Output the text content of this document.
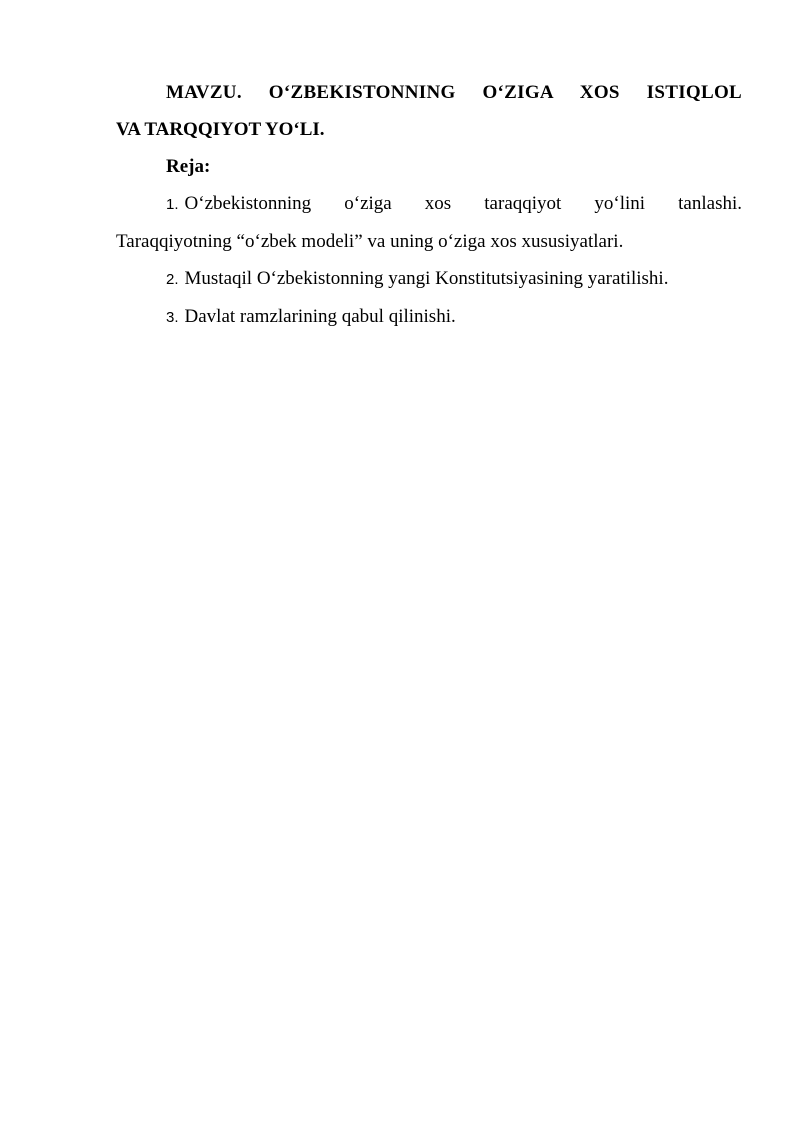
MAVZU. O‘ZBEKISTONNING O‘ZIGA XOS ISTIQLOL
VA TARQQIYOT YO‘LI.

Reja:

1. O‘zbekistonning o‘ziga xos taraqqiyot yo‘lini tanlashi.
Taraqqiyotning “o‘zbek modeli” va uning o‘ziga xos xususiyatlari.

2. Mustaqil O‘zbekistonning yangi Konstitutsiyasining yaratilishi.

3. Davlat ramzlarining qabul qilinishi.
